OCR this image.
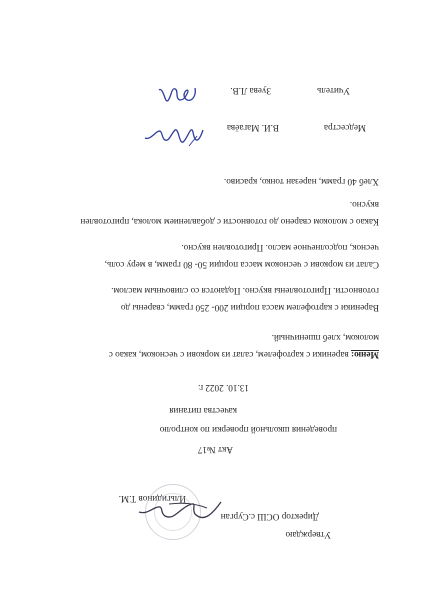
Утверждаю
Директор ОСШ с.Сурган
Ильгидинов Т.М.
Акт №17
проведения школьной проверки по контролю
качества питания
13.10. 2022 г.
Меню: вареники с картофелем, салат из моркови с чесноком, какао с
молоком, хлеб пшеничный.
Вареники с картофелем масса порции 200- 250 грамм, сварены до
готовности. Приготовлены вкусно. Подаются со сливочным маслом.
Салат из моркови с чесноком масса порции 50- 80 грамм, в меру соль,
чеснок, подсолнечное масло. Приготовлен вкусно.
Какао с молоком сварено до готовности с добавлением молока, приготовлен
вкусно.
Хлеб 40 грамм, нарезан тонко, красиво.
Медсестра
В.И. Магаёва
Учитель
Зуева Л.В.
